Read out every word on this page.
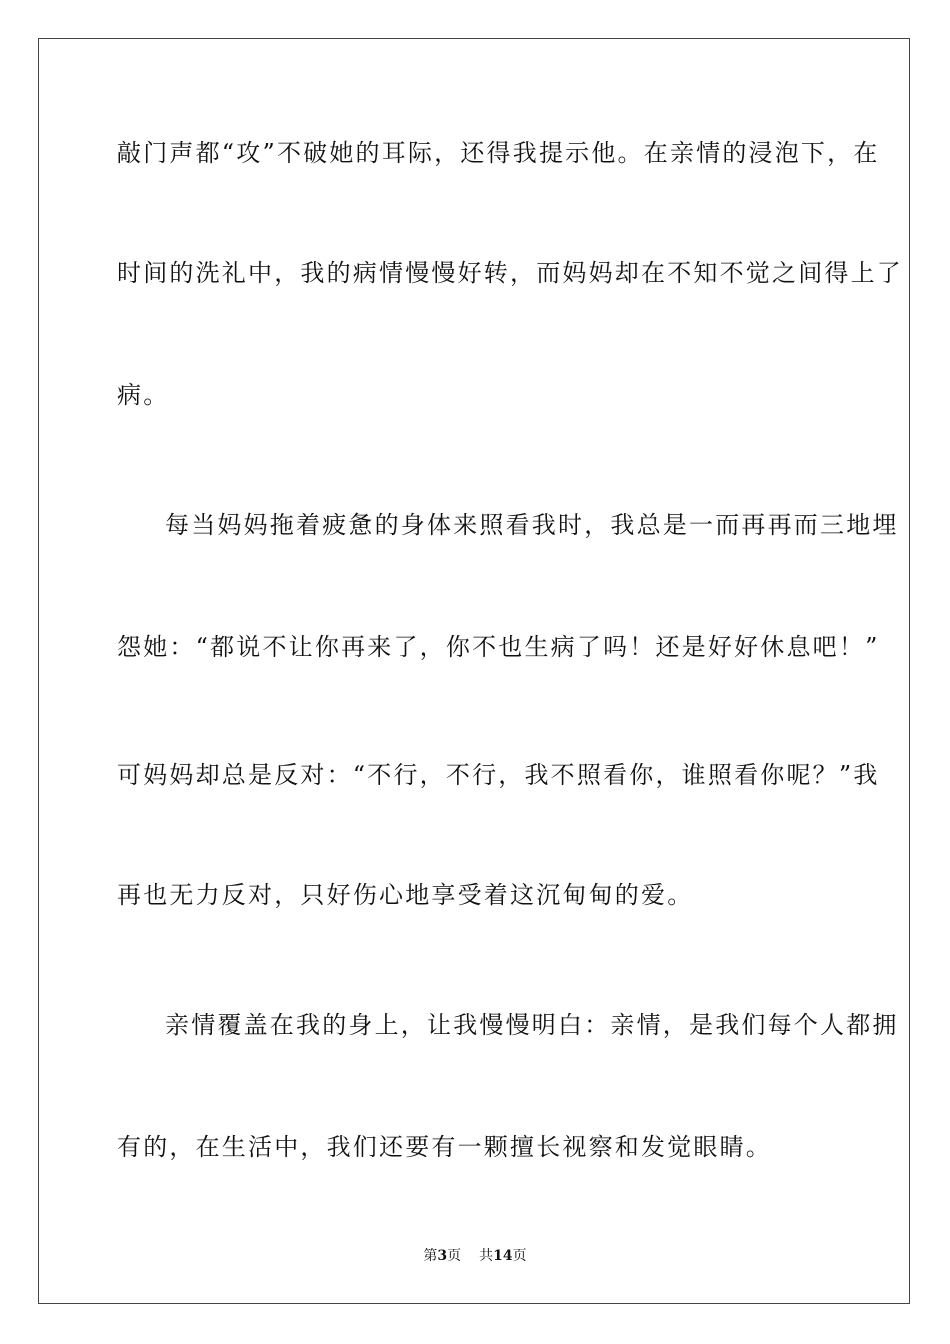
敲门声都“攻”不破她的耳际，还得我提示他。在亲情的浸泡下，在
时间的洗礼中，我的病情慢慢好转，而妈妈却在不知不觉之间得上了
病。
每当妈妈拖着疲惫的身体来照看我时，我总是一而再再而三地埋
怨她：“都说不让你再来了，你不也生病了吗！还是好好休息吧！”
可妈妈却总是反对：“不行，不行，我不照看你，谁照看你呢？”我
再也无力反对，只好伤心地享受着这沉甸甸的爱。
亲情覆盖在我的身上，让我慢慢明白：亲情，是我们每个人都拥
有的，在生活中，我们还要有一颗擅长视察和发觉眼睛。
第3页 共14页
